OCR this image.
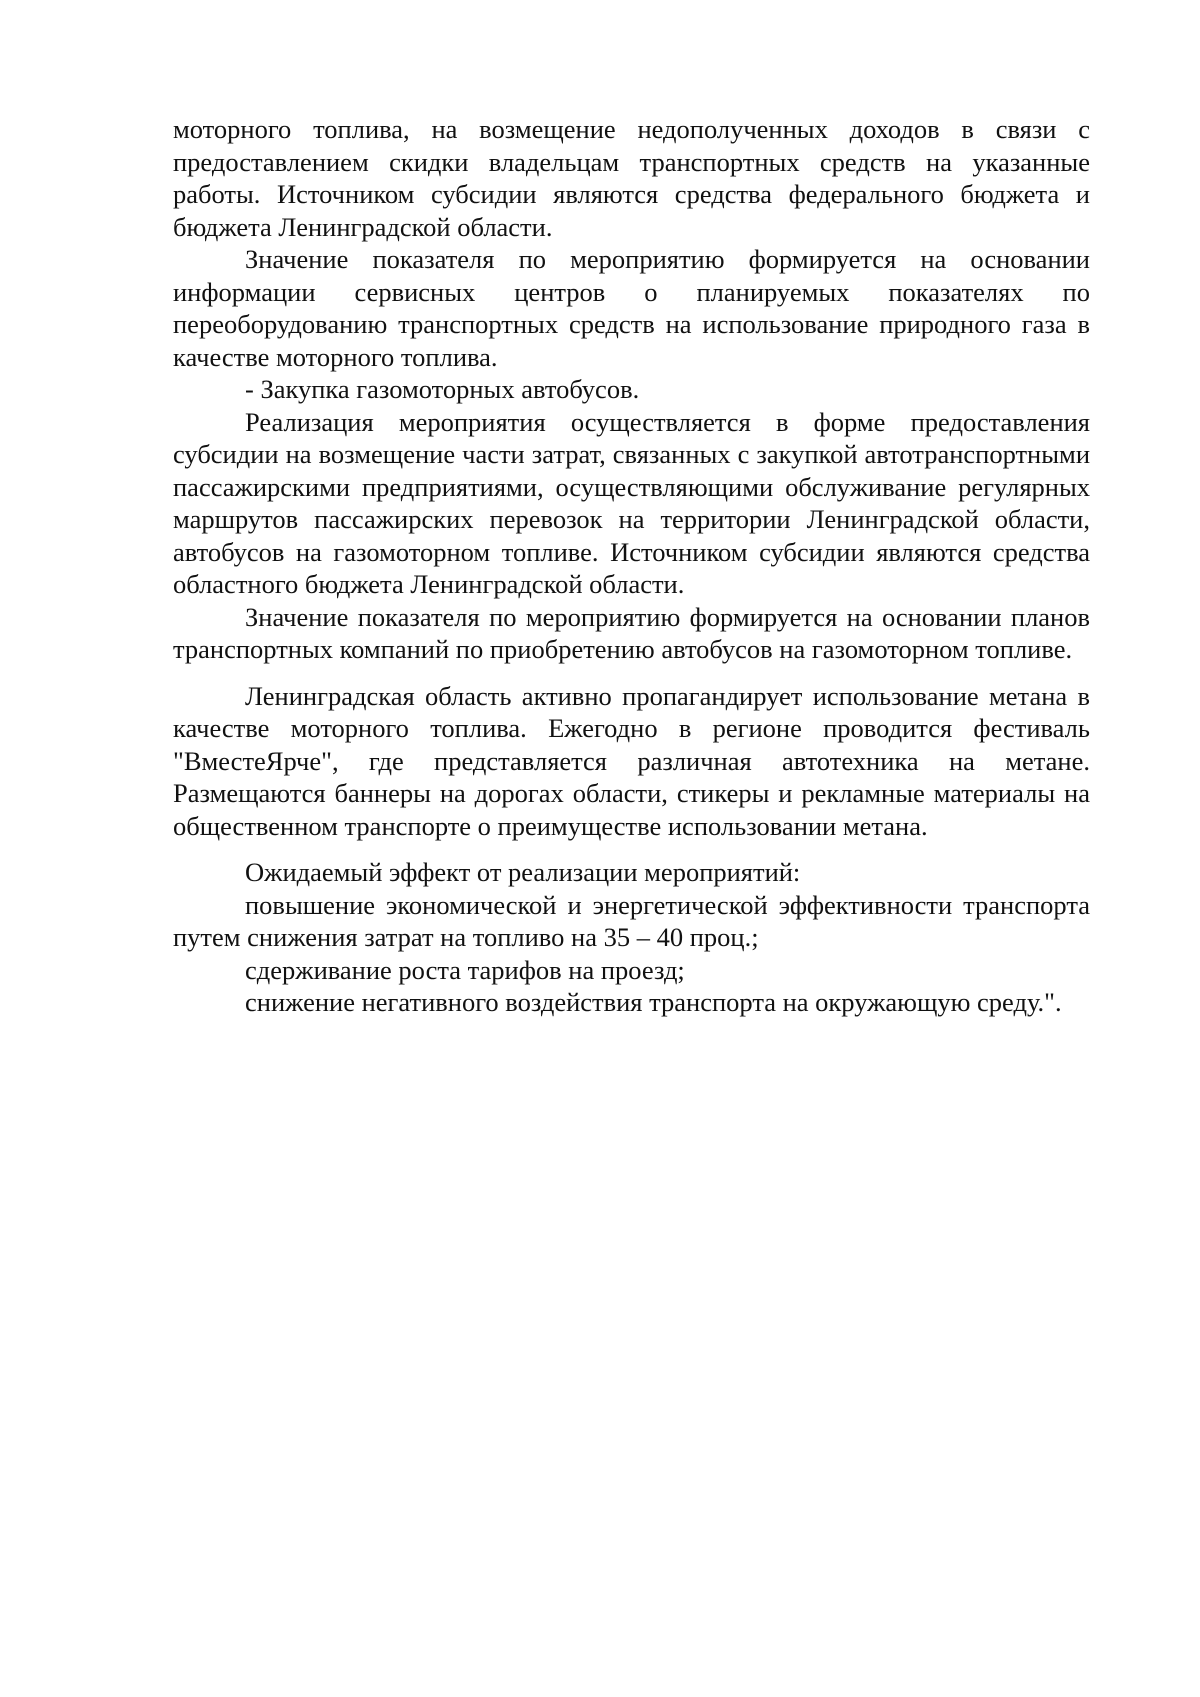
моторного топлива, на возмещение недополученных доходов в связи с предоставлением скидки владельцам транспортных средств на указанные работы. Источником субсидии являются средства федерального бюджета и бюджета Ленинградской области.

Значение показателя по мероприятию формируется на основании информации сервисных центров о планируемых показателях по переоборудованию транспортных средств на использование природного газа в качестве моторного топлива.

- Закупка газомоторных автобусов.

Реализация мероприятия осуществляется в форме предоставления субсидии на возмещение части затрат, связанных с закупкой автотранспортными пассажирскими предприятиями, осуществляющими обслуживание регулярных маршрутов пассажирских перевозок на территории Ленинградской области, автобусов на газомоторном топливе. Источником субсидии являются средства областного бюджета Ленинградской области.

Значение показателя по мероприятию формируется на основании планов транспортных компаний по приобретению автобусов на газомоторном топливе.

Ленинградская область активно пропагандирует использование метана в качестве моторного топлива. Ежегодно в регионе проводится фестиваль "ВместеЯрче", где представляется различная автотехника на метане. Размещаются баннеры на дорогах области, стикеры и рекламные материалы на общественном транспорте о преимуществе использовании метана.

Ожидаемый эффект от реализации мероприятий:

повышение экономической и энергетической эффективности транспорта путем снижения затрат на топливо на 35 – 40 проц.;

сдерживание роста тарифов на проезд;

снижение негативного воздействия транспорта на окружающую среду.".
